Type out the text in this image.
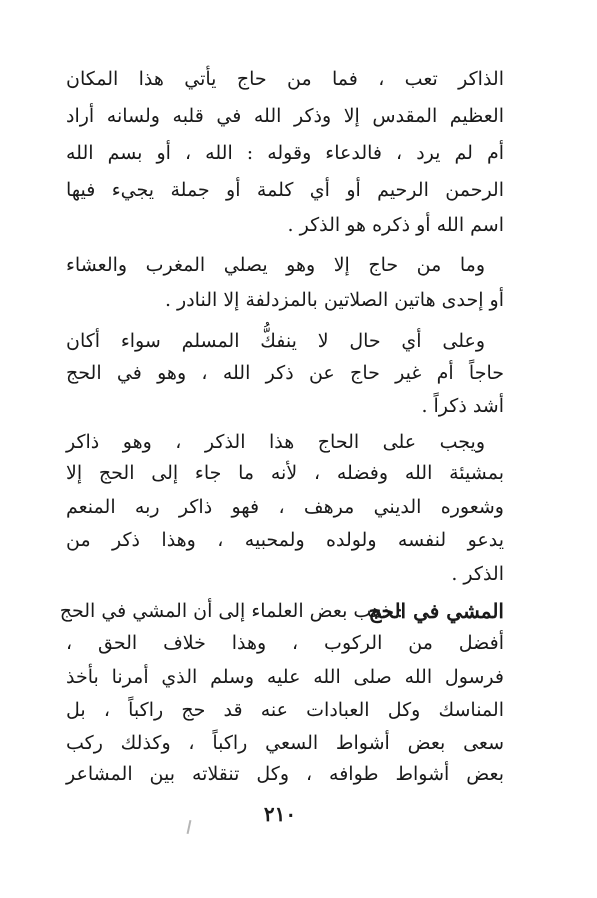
الذاكر تعب ، فما من حاج يأتي هذا المكان
العظيم المقدس إلا وذكر الله في قلبه ولسانه أراد
أم لم يرد ، فالدعاء وقوله : الله ، أو بسم الله
الرحمن الرحيم أو أي كلمة أو جملة يجيء فيها
اسم الله أو ذكره هو الذكر .
وما من حاج إلا وهو يصلي المغرب والعشاء
أو إحدى هاتين الصلاتين بالمزدلفة إلا النادر .
وعلى أي حال لا ينفكُّ المسلم سواء أكان
حاجاً أم غير حاج عن ذكر الله ، وهو في الحج
أشد ذكراً .
ويجب على الحاج هذا الذكر ، وهو ذاكر
بمشيئة الله وفضله ، لأنه ما جاء إلى الحج إلا
وشعوره الديني مرهف ، فهو ذاكر ربه المنعم
يدعو لنفسه ولولده ولمحبيه ، وهذا ذكر من
الذكر .
المشي في الحج
: ذهب بعض العلماء إلى أن المشي في الحج
أفضل من الركوب ، وهذا خلاف الحق ،
فرسول الله صلى الله عليه وسلم الذي أمرنا بأخذ
المناسك وكل العبادات عنه قد حج راكباً ، بل
سعى بعض أشواط السعي راكباً ، وكذلك ركب
بعض أشواط طوافه ، وكل تنقلاته بين المشاعر
٢١٠
